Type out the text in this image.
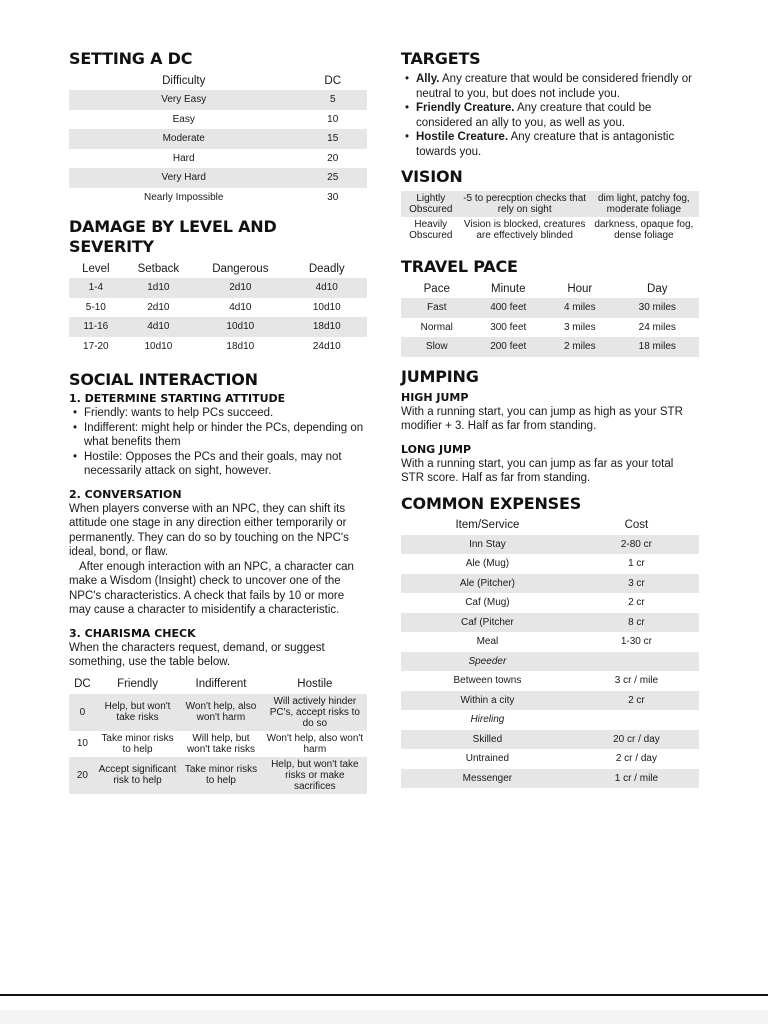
SETTING A DC
Difficulty	DC
Very Easy	5
Easy	10
Moderate	15
Hard	20
Very Hard	25
Nearly Impossible	30
DAMAGE BY LEVEL AND SEVERITY
Level	Setback	Dangerous	Deadly
1-4	1d10	2d10	4d10
5-10	2d10	4d10	10d10
11-16	4d10	10d10	18d10
17-20	10d10	18d10	24d10
SOCIAL INTERACTION
1. DETERMINE STARTING ATTITUDE
• Friendly: wants to help PCs succeed.
• Indifferent: might help or hinder the PCs, depending on what benefits them
• Hostile: Opposes the PCs and their goals, may not necessarily attack on sight, however.
2. CONVERSATION

When players converse with an NPC, they can shift its attitude one stage in any direction either temporarily or permanently. They can do so by touching on the NPC's ideal, bond, or flaw.

After enough interaction with an NPC, a character can make a Wisdom (Insight) check to uncover one of the NPC's characteristics. A check that fails by 10 or more may cause a character to misidentify a characteristic.

3. CHARISMA CHECK

When the characters request, demand, or suggest something, use the table below.

DC	Friendly	Indifferent	Hostile
0	Help, but won't take risks	Won't help, also won't harm	Will actively hinder PC's, accept risks to do so
10	Take minor risks to help	Will help, but won't take risks	Won't help, also won't harm
20	Accept significant risk to help	Take minor risks to help	Help, but won't take risks or make sacrifices
TARGETS
• Ally. Any creature that would be considered friendly or neutral to you, but does not include you.
• Friendly Creature. Any creature that could be considered an ally to you, as well as you.
• Hostile Creature. Any creature that is antagonistic towards you.
VISION
Lightly Obscured	-5 to perecption checks that rely on sight	dim light, patchy fog, moderate foliage
Heavily Obscured	Vision is blocked, creatures are effectively blinded	darkness, opaque fog, dense foliage
TRAVEL PACE
Pace	Minute	Hour	Day
Fast	400 feet	4 miles	30 miles
Normal	300 feet	3 miles	24 miles
Slow	200 feet	2 miles	18 miles
JUMPING
HIGH JUMP

With a running start, you can jump as high as your STR modifier + 3. Half as far from standing.

LONG JUMP

With a running start, you can jump as far as your total STR score. Half as far from standing.

COMMON EXPENSES
Item/Service	Cost
Inn Stay	2-80 cr
Ale (Mug)	1 cr
Ale (Pitcher)	3 cr
Caf (Mug)	2 cr
Caf (Pitcher	8 cr
Meal	1-30 cr
Speeder	
Between towns	3 cr / mile
Within a city	2 cr
Hireling	
Skilled	20 cr / day
Untrained	2 cr / day
Messenger	1 cr / mile
